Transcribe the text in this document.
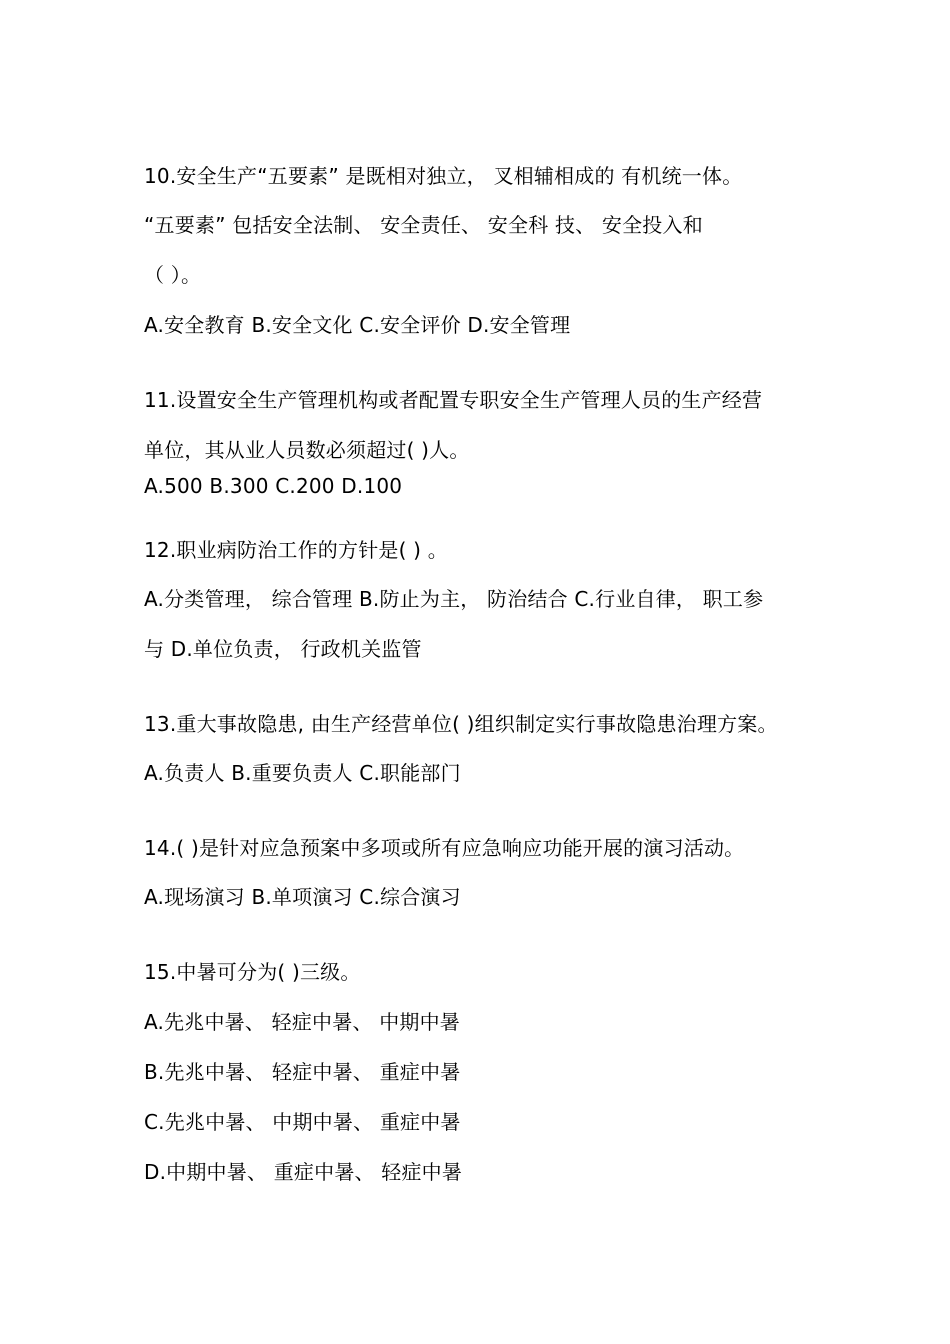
10.安全生产“五要素” 是既相对独立， 叉相辅相成的 有机统一体。
“五要素” 包括安全法制、 安全责任、 安全科 技、 安全投入和
（ ）。
A.安全教育 B.安全文化 C.安全评价 D.安全管理
11.设置安全生产管理机构或者配置专职安全生产管理人员的生产经营
单位，其从业人员数必须超过( )人。
A.500 B.300 C.200 D.100
12.职业病防治工作的方针是( ) 。
A.分类管理， 综合管理 B.防止为主， 防治结合 C.行业自律， 职工参
与 D.单位负责， 行政机关监管
13.重大事故隐患, 由生产经营单位( )组织制定实行事故隐患治理方案。
A.负责人 B.重要负责人 C.职能部门
14.( )是针对应急预案中多项或所有应急响应功能开展的演习活动。
A.现场演习 B.单项演习 C.综合演习
15.中暑可分为( )三级。
A.先兆中暑、 轻症中暑、 中期中暑
B.先兆中暑、 轻症中暑、 重症中暑
C.先兆中暑、 中期中暑、 重症中暑
D.中期中暑、 重症中暑、 轻症中暑
